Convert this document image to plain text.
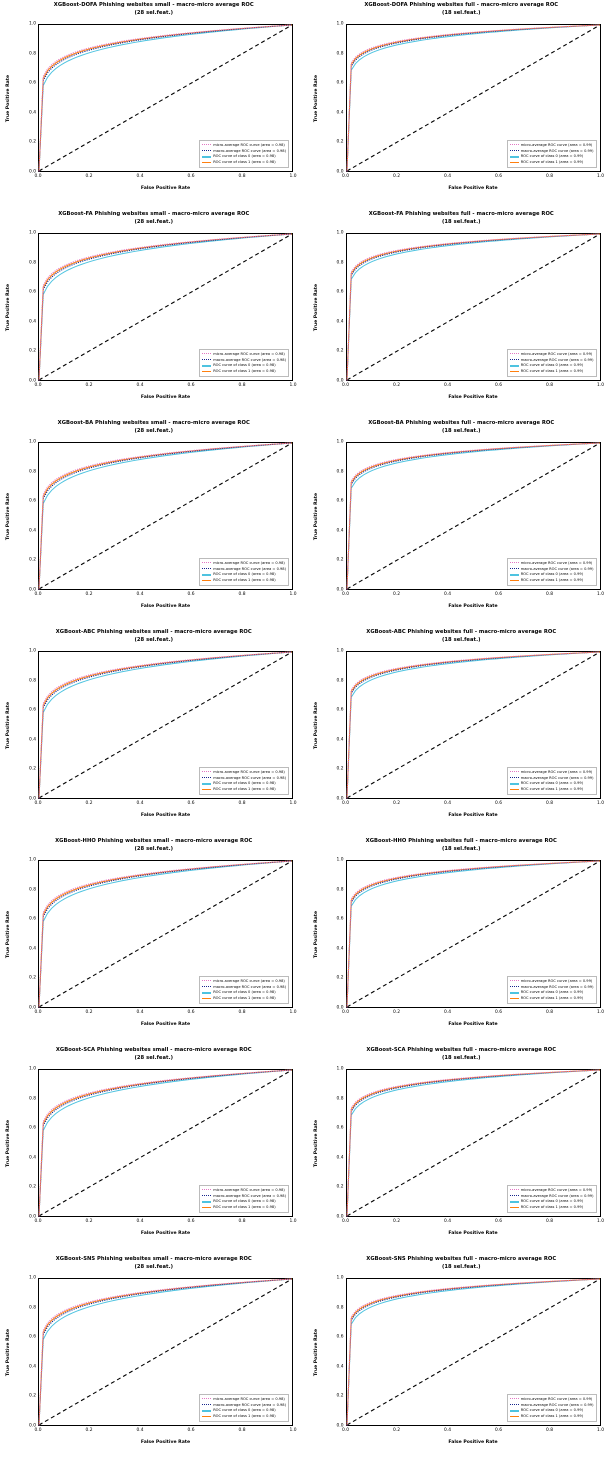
XGBoost-DOFA Phishing websites small - macro-micro average ROC
(28 sel.feat.)
True Positive Rate
False Positive Rate
0.0	0.2	0.4	0.6	0.8	1.0
0.0
0.2
0.4
0.6
0.8
1.0
micro-average ROC curve (area = 0.98)
macro-average ROC curve (area = 0.98)
ROC curve of class 0 (area = 0.98)
ROC curve of class 1 (area = 0.98)
XGBoost-DOFA Phishing websites full - macro-micro average ROC
(18 sel.feat.)
True Positive Rate
False Positive Rate
0.0	0.2	0.4	0.6	0.8	1.0
0.0
0.2
0.4
0.6
0.8
1.0
micro-average ROC curve (area = 0.99)
macro-average ROC curve (area = 0.99)
ROC curve of class 0 (area = 0.99)
ROC curve of class 1 (area = 0.99)
XGBoost-FA Phishing websites small - macro-micro average ROC
(28 sel.feat.)
True Positive Rate
False Positive Rate
0.0	0.2	0.4	0.6	0.8	1.0
0.0
0.2
0.4
0.6
0.8
1.0
micro-average ROC curve (area = 0.98)
macro-average ROC curve (area = 0.98)
ROC curve of class 0 (area = 0.98)
ROC curve of class 1 (area = 0.98)
XGBoost-FA Phishing websites full - macro-micro average ROC
(18 sel.feat.)
True Positive Rate
False Positive Rate
0.0	0.2	0.4	0.6	0.8	1.0
0.0
0.2
0.4
0.6
0.8
1.0
micro-average ROC curve (area = 0.99)
macro-average ROC curve (area = 0.99)
ROC curve of class 0 (area = 0.99)
ROC curve of class 1 (area = 0.99)
XGBoost-BA Phishing websites small - macro-micro average ROC
(28 sel.feat.)
True Positive Rate
False Positive Rate
0.0	0.2	0.4	0.6	0.8	1.0
0.0
0.2
0.4
0.6
0.8
1.0
micro-average ROC curve (area = 0.98)
macro-average ROC curve (area = 0.98)
ROC curve of class 0 (area = 0.98)
ROC curve of class 1 (area = 0.98)
XGBoost-BA Phishing websites full - macro-micro average ROC
(18 sel.feat.)
True Positive Rate
False Positive Rate
0.0	0.2	0.4	0.6	0.8	1.0
0.0
0.2
0.4
0.6
0.8
1.0
micro-average ROC curve (area = 0.99)
macro-average ROC curve (area = 0.99)
ROC curve of class 0 (area = 0.99)
ROC curve of class 1 (area = 0.99)
XGBoost-ABC Phishing websites small - macro-micro average ROC
(28 sel.feat.)
True Positive Rate
False Positive Rate
0.0	0.2	0.4	0.6	0.8	1.0
0.0
0.2
0.4
0.6
0.8
1.0
micro-average ROC curve (area = 0.98)
macro-average ROC curve (area = 0.98)
ROC curve of class 0 (area = 0.98)
ROC curve of class 1 (area = 0.98)
XGBoost-ABC Phishing websites full - macro-micro average ROC
(18 sel.feat.)
True Positive Rate
False Positive Rate
0.0	0.2	0.4	0.6	0.8	1.0
0.0
0.2
0.4
0.6
0.8
1.0
micro-average ROC curve (area = 0.99)
macro-average ROC curve (area = 0.99)
ROC curve of class 0 (area = 0.99)
ROC curve of class 1 (area = 0.99)
XGBoost-HHO Phishing websites small - macro-micro average ROC
(28 sel.feat.)
True Positive Rate
False Positive Rate
0.0	0.2	0.4	0.6	0.8	1.0
0.0
0.2
0.4
0.6
0.8
1.0
micro-average ROC curve (area = 0.98)
macro-average ROC curve (area = 0.98)
ROC curve of class 0 (area = 0.98)
ROC curve of class 1 (area = 0.98)
XGBoost-HHO Phishing websites full - macro-micro average ROC
(18 sel.feat.)
True Positive Rate
False Positive Rate
0.0	0.2	0.4	0.6	0.8	1.0
0.0
0.2
0.4
0.6
0.8
1.0
micro-average ROC curve (area = 0.99)
macro-average ROC curve (area = 0.99)
ROC curve of class 0 (area = 0.99)
ROC curve of class 1 (area = 0.99)
XGBoost-SCA Phishing websites small - macro-micro average ROC
(28 sel.feat.)
True Positive Rate
False Positive Rate
0.0	0.2	0.4	0.6	0.8	1.0
0.0
0.2
0.4
0.6
0.8
1.0
micro-average ROC curve (area = 0.98)
macro-average ROC curve (area = 0.98)
ROC curve of class 0 (area = 0.98)
ROC curve of class 1 (area = 0.98)
XGBoost-SCA Phishing websites full - macro-micro average ROC
(18 sel.feat.)
True Positive Rate
False Positive Rate
0.0	0.2	0.4	0.6	0.8	1.0
0.0
0.2
0.4
0.6
0.8
1.0
micro-average ROC curve (area = 0.99)
macro-average ROC curve (area = 0.99)
ROC curve of class 0 (area = 0.99)
ROC curve of class 1 (area = 0.99)
XGBoost-SNS Phishing websites small - macro-micro average ROC
(28 sel.feat.)
True Positive Rate
False Positive Rate
0.0	0.2	0.4	0.6	0.8	1.0
0.0
0.2
0.4
0.6
0.8
1.0
micro-average ROC curve (area = 0.98)
macro-average ROC curve (area = 0.98)
ROC curve of class 0 (area = 0.98)
ROC curve of class 1 (area = 0.98)
XGBoost-SNS Phishing websites full - macro-micro average ROC
(18 sel.feat.)
True Positive Rate
False Positive Rate
0.0	0.2	0.4	0.6	0.8	1.0
0.0
0.2
0.4
0.6
0.8
1.0
micro-average ROC curve (area = 0.99)
macro-average ROC curve (area = 0.99)
ROC curve of class 0 (area = 0.99)
ROC curve of class 1 (area = 0.99)
